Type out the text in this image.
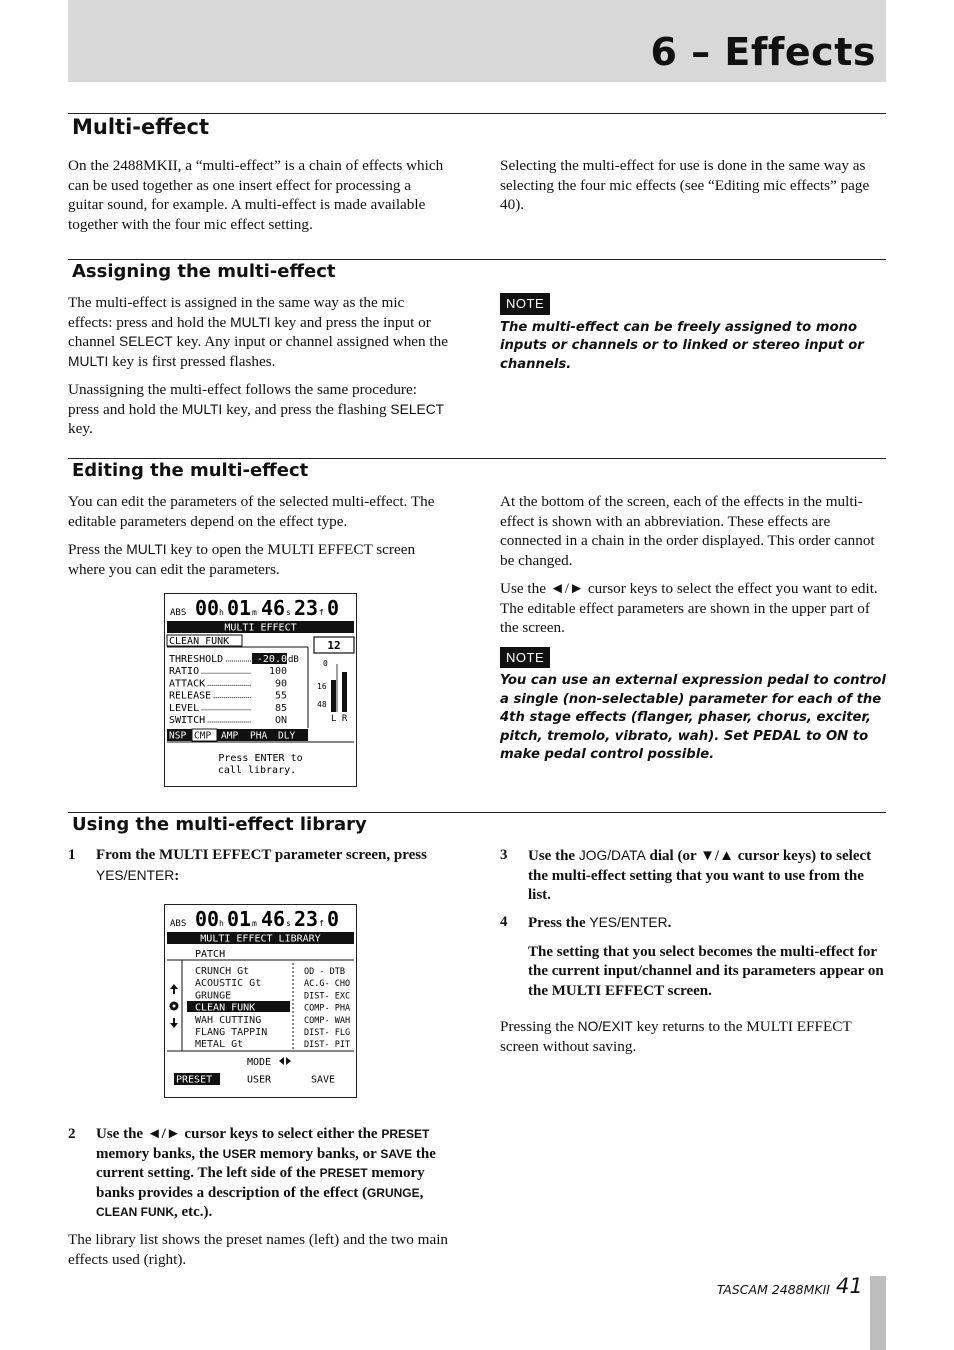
6 – Effects
Multi-effect

On the 2488MKII, a “multi-effect” is a chain of effects which can be used together as one insert effect for processing a guitar sound, for example. A multi-effect is made available together with the four mic effect setting.

Selecting the multi-effect for use is done in the same way as selecting the four mic effects (see “Editing mic effects” page 40).

Assigning the multi-effect

The multi-effect is assigned in the same way as the mic effects: press and hold the MULTI key and press the input or channel SELECT key. Any input or channel assigned when the MULTI key is first pressed flashes.

Unassigning the multi-effect follows the same procedure: press and hold the MULTI key, and press the flashing SELECT key.

NOTE

The multi-effect can be freely assigned to mono inputs or channels or to linked or stereo input or channels.

Editing the multi-effect

You can edit the parameters of the selected multi-effect. The editable parameters depend on the effect type.

Press the MULTI key to open the MULTI EFFECT screen where you can edit the parameters.

At the bottom of the screen, each of the effects in the multi-effect is shown with an abbreviation. These effects are connected in a chain in the order displayed. This order cannot be changed.

Use the ◄/► cursor keys to select the effect you want to edit. The editable effect parameters are shown in the upper part of the screen.

NOTE

You can use an external expression pedal to control a single (non-selectable) parameter for each of the 4th stage effects (flanger, phaser, chorus, exciter, pitch, tremolo, vibrato, wah). Set PEDAL to ON to make pedal control possible.

ABS 00 h 01 m 46 s 23 f 0
MULTI EFFECT
CLEAN FUNK
THRESHOLD	-20.0 dB
RATIO	100
ATTACK	90
RELEASE	55
LEVEL	85
SWITCH	ON
12
0
16
48
L R
NSP CMP AMP PHA DLY
Press ENTER to
call library.
Using the multi-effect library
1 From the MULTI EFFECT parameter screen, press YES/ENTER:
ABS 00 h 01 m 46 s 23 f 0
MULTI EFFECT LIBRARY
PATCH
CRUNCH Gt	OD - DTB
ACOUSTIC Gt	AC.G- CHO
GRUNGE	DIST- EXC
CLEAN FUNK	COMP- PHA
WAH CUTTING	COMP- WAH
FLANG TAPPIN	DIST- FLG
METAL Gt	DIST- PIT
MODE
PRESET	USER	SAVE
2 Use the ◄/► cursor keys to select either the PRESET memory banks, the USER memory banks, or SAVE the current setting. The left side of the PRESET memory banks provides a description of the effect (GRUNGE, CLEAN FUNK, etc.).

The library list shows the preset names (left) and the two main effects used (right).

3 Use the JOG/DATA dial (or ▼/▲ cursor keys) to select the multi-effect setting that you want to use from the list.
4 Press the YES/ENTER.
The setting that you select becomes the multi-effect for the current input/channel and its parameters appear on the MULTI EFFECT screen.

Pressing the NO/EXIT key returns to the MULTI EFFECT screen without saving.

TASCAM 2488MKII 41
